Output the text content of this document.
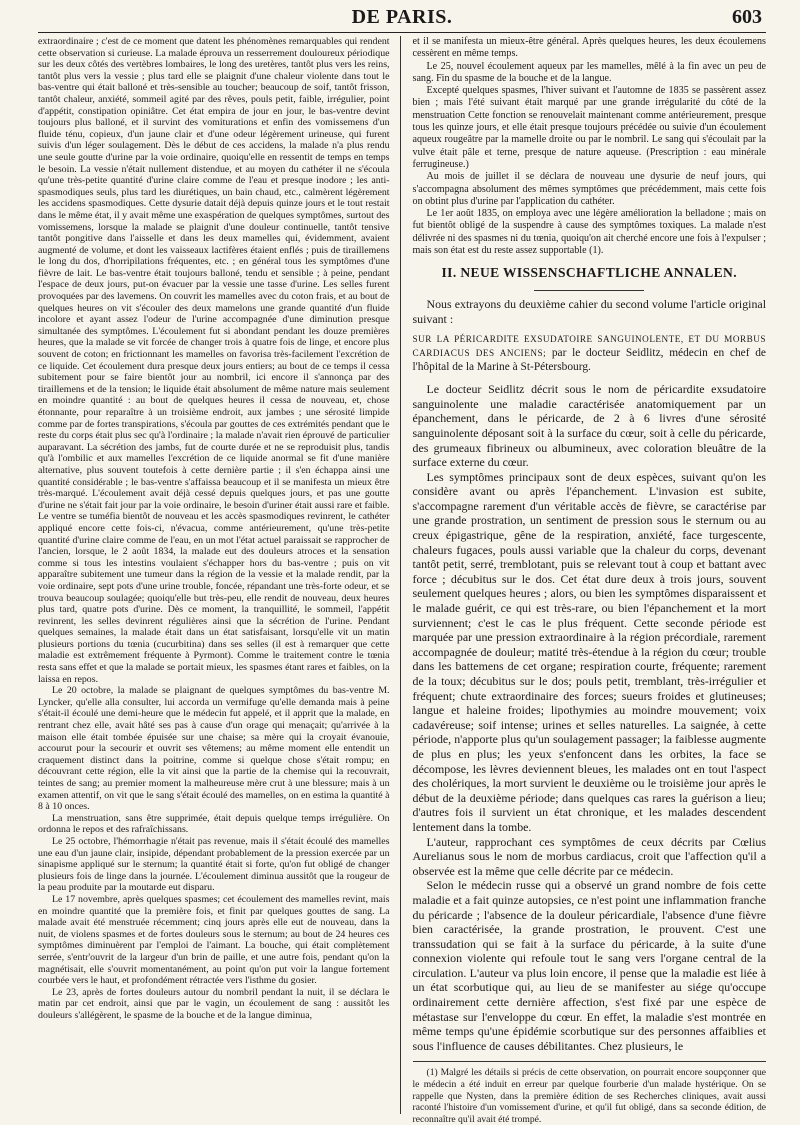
DE PARIS.	603

extraordinaire ; c'est de ce moment que datent les phénomènes remarquables qui rendent cette observation si curieuse. La malade éprouva un resserrement douloureux périodique sur les deux côtés des vertèbres lombaires, le long des uretères, tantôt plus vers les reins, tantôt plus vers la vessie ; plus tard elle se plaignit d'une chaleur violente dans tout le bas-ventre qui était balloné et très-sensible au toucher; beaucoup de soif, tantôt frisson, tantôt chaleur, anxiété, sommeil agité par des rêves, pouls petit, faible, irrégulier, point d'appétit, constipation opiniâtre. Cet état empira de jour en jour, le bas-ventre devint toujours plus balloné, et il survint des vomiturations et enfin des vomissemens d'un fluide ténu, copieux, d'un jaune clair et d'une odeur légèrement urineuse, qui furent suivis d'un léger soulagement. Dès le début de ces accidens, la malade n'a plus rendu une seule goutte d'urine par la voie ordinaire, quoiqu'elle en ressentit de temps en temps le besoin. La vessie n'était nullement distendue, et au moyen du cathéter il ne s'écoula qu'une très-petite quantité d'urine claire comme de l'eau et presque inodore ; les anti-spasmodiques seuls, plus tard les diurétiques, un bain chaud, etc., calmèrent légèrement les accidens spasmodiques. Cette dysurie datait déjà depuis quinze jours et le tout restait dans le même état, il y avait même une exaspération de quelques symptômes, surtout des vomissemens, lorsque la malade se plaignit d'une douleur continuelle, tantôt tensive tantôt pongitive dans l'aisselle et dans les deux mamelles qui, évidemment, avaient augmenté de volume, et dont les vaisseaux lactifères étaient enflés ; puis de tiraillemens le long du dos, d'horripilations fréquentes, etc. ; en général tous les symptômes d'une fièvre de lait. Le bas-ventre était toujours balloné, tendu et sensible ; à peine, pendant l'espace de deux jours, put-on évacuer par la vessie une tasse d'urine. Les selles furent provoquées par des lavemens. On couvrit les mamelles avec du coton frais, et au bout de quelques heures on vit s'écouler des deux mamelons une grande quantité d'un fluide incolore et ayant assez l'odeur de l'urine accompagnée d'une diminution presque simultanée des symptômes. L'écoulement fut si abondant pendant les douze premières heures, que la malade se vit forcée de changer trois à quatre fois de linge, et encore plus souvent de coton; en frictionnant les mamelles on favorisa très-facilement l'excrétion de ce liquide. Cet écoulement dura presque deux jours entiers; au bout de ce temps il cessa subitement pour se faire bientôt jour au nombril, ici encore il s'annonça par des tiraillemens et de la tension; le liquide était absolument de même nature mais seulement en moindre quantité : au bout de quelques heures il cessa de nouveau, et, chose étonnante, pour reparaître à un troisième endroit, aux jambes ; une sérosité limpide comme par de fortes transpirations, s'écoula par gouttes de ces extrémités pendant que le reste du corps était plus sec qu'à l'ordinaire ; la malade n'avait rien éprouvé de particulier auparavant. La sécrétion des jambs, fut de courte durée et ne se reproduisit plus, tandis qu'à l'ombilic et aux mamelles l'excrétion de ce liquide anormal se fit d'une manière alternative, plus souvent toutefois à cette dernière partie ; il s'en échappa ainsi une quantité considérable ; le bas-ventre s'affaissa beaucoup et il se manifesta un mieux être très-marqué. L'écoulement avait déjà cessé depuis quelques jours, et pas une goutte d'urine ne s'était fait jour par la voie ordinaire, le besoin d'uriner était aussi rare et faible. Le ventre se tuméfia bientôt de nouveau et les accès spasmodiques revinrent, le cathéter appliqué encore cette fois-ci, n'évacua, comme antérieurement, qu'une très-petite quantité d'urine claire comme de l'eau, en un mot l'état actuel paraissait se rapprocher de l'ancien, lorsque, le 2 août 1834, la malade eut des douleurs atroces et la sensation comme si tous les intestins voulaient s'échapper hors du bas-ventre ; puis on vit apparaître subitement une tumeur dans la région de la vessie et la malade rendit, par la voie ordinaire, sept pots d'une urine trouble, foncée, répandant une très-forte odeur, et se trouva beaucoup soulagée; quoiqu'elle but très-peu, elle rendit de nouveau, deux heures plus tard, quatre pots d'urine. Dès ce moment, la tranquillité, le sommeil, l'appétit revinrent, les selles devinrent régulières ainsi que la sécrétion de l'urine. Pendant quelques semaines, la malade était dans un état satisfaisant, lorsqu'elle vit un matin plusieurs portions du tœnia (cucurbitina) dans ses selles (il est à remarquer que cette maladie est extrêmement fréquente à Pyrmont). Comme le traitement contre le tœnia resta sans effet et que la malade se portait mieux, les spasmes étant rares et faibles, on la laissa en repos.

Le 20 octobre, la malade se plaignant de quelques symptômes du bas-ventre M. Lyncker, qu'elle alla consulter, lui accorda un vermifuge qu'elle demanda mais à peine s'était-il écoulé une demi-heure que le médecin fut appelé, et il apprit que la malade, en rentrant chez elle, avait hâté ses pas à cause d'un orage qui menaçait; qu'arrivée à la maison elle était tombée épuisée sur une chaise; sa mère qui la croyait évanouie, accourut pour la secourir et ouvrit ses vêtemens; au même moment elle entendit un craquement distinct dans la poitrine, comme si quelque chose s'était rompu; en découvrant cette région, elle la vit ainsi que la partie de la chemise qui la recouvrait, teintes de sang; au premier moment la malheureuse mère crut à une blessure; mais à un examen attentif, on vit que le sang s'était écoulé des mamelles, on en estima la quantité à 8 à 10 onces.

La menstruation, sans être supprimée, était depuis quelque temps irrégulière. On ordonna le repos et des rafraîchissans.

Le 25 octobre, l'hémorrhagie n'était pas revenue, mais il s'était écoulé des mamelles une eau d'un jaune clair, insipide, dépendant probablement de la pression exercée par un sinapisme appliqué sur le sternum; la quantité était si forte, qu'on fut obligé de changer plusieurs fois de linge dans la journée. L'écoulement diminua aussitôt que la rougeur de la peau produite par la moutarde eut disparu.

Le 17 novembre, après quelques spasmes; cet écoulement des mamelles revint, mais en moindre quantité que la première fois, et finit par quelques gouttes de sang. La malade avait été menstruée récemment; cinq jours après elle eut de nouveau, dans la nuit, de violens spasmes et de fortes douleurs sous le sternum; au bout de 24 heures ces symptômes diminuèrent par l'emploi de l'aimant. La bouche, qui était complètement serrée, s'entr'ouvrit de la largeur d'un brin de paille, et une autre fois, pendant qu'on la magnétisait, elle s'ouvrit momentanément, au point qu'on put voir la langue fortement courbée vers le haut, et profondément rétractée vers l'isthme du gosier.

Le 23, après de fortes douleurs autour du nombril pendant la nuit, il se déclara le matin par cet endroit, ainsi que par le vagin, un écoulement de sang : aussitôt les douleurs s'allégèrent, le spasme de la bouche et de la langue diminua,

et il se manifesta un mieux-être général. Après quelques heures, les deux écoulemens cessèrent en même temps.

Le 25, nouvel écoulement aqueux par les mamelles, mêlé à la fin avec un peu de sang. Fin du spasme de la bouche et de la langue.

Excepté quelques spasmes, l'hiver suivant et l'automne de 1835 se passèrent assez bien ; mais l'été suivant était marqué par une grande irrégularité du côté de la menstruation Cette fonction se renouvelait maintenant comme antérieurement, presque tous les quinze jours, et elle était presque toujours précédée ou suivie d'un écoulement aqueux rougeâtre par la mamelle droite ou par le nombril. Le sang qui s'écoulait par la vulve était pâle et terne, presque de nature aqueuse. (Prescription : eau minérale ferrugineuse.)

Au mois de juillet il se déclara de nouveau une dysurie de neuf jours, qui s'accompagna absolument des mêmes symptômes que précédemment, mais cette fois on obtint plus d'urine par l'application du cathéter.

Le 1er août 1835, on employa avec une légère amélioration la belladone ; mais on fut bientôt obligé de la suspendre à cause des symptômes toxiques. La malade n'est délivrée ni des spasmes ni du tœnia, quoiqu'on ait cherché encore une fois à l'expulser ; mais son état est du reste assez supportable (1).

II. NEUE WISSENSCHAFTLICHE ANNALEN.

Nous extrayons du deuxième cahier du second volume l'article original suivant :

SUR LA PÉRICARDITE EXSUDATOIRE SANGUINOLENTE, ET DU MORBUS CARDIACUS DES ANCIENS; par le docteur Seidlitz, médecin en chef de l'hôpital de la Marine à St-Pétersbourg.

Le docteur Seidlitz décrit sous le nom de péricardite exsudatoire sanguinolente une maladie caractérisée anatomiquement par un épanchement, dans le péricarde, de 2 à 6 livres d'une sérosité sanguinolente déposant soit à la surface du cœur, soit à celle du péricarde, des grumeaux fibrineux ou albumineux, avec coloration bleuâtre de la surface externe du cœur.

Les symptômes principaux sont de deux espèces, suivant qu'on les considère avant ou après l'épanchement. L'invasion est subite, s'accompagne rarement d'un véritable accès de fièvre, se caractérise par une grande prostration, un sentiment de pression sous le sternum ou au creux épigastrique, gêne de la respiration, anxiété, face turgescente, chaleurs fugaces, pouls aussi variable que la chaleur du corps, devenant tantôt petit, serré, tremblotant, puis se relevant tout à coup et battant avec force ; décubitus sur le dos. Cet état dure deux à trois jours, souvent seulement quelques heures ; alors, ou bien les symptômes disparaissent et le malade guérit, ce qui est très-rare, ou bien l'épanchement et la mort surviennent; c'est le cas le plus fréquent. Cette seconde période est marquée par une pression extraordinaire à la région précordiale, rarement accompagnée de douleur; matité très-étendue à la région du cœur; trouble dans les battemens de cet organe; respiration courte, fréquente; rarement de la toux; décubitus sur le dos; pouls petit, tremblant, très-irrégulier et fréquent; chute extraordinaire des forces; sueurs froides et glutineuses; langue et haleine froides; lipothymies au moindre mouvement; voix cadavéreuse; soif intense; urines et selles naturelles. La saignée, à cette période, n'apporte plus qu'un soulagement passager; la faiblesse augmente de plus en plus; les yeux s'enfoncent dans les orbites, la face se décompose, les lèvres deviennent bleues, les malades ont en tout l'aspect des cholériques, la mort survient le deuxième ou le troisième jour après le début de la deuxième période; dans quelques cas rares la guérison a lieu; d'autres fois il survient un état chronique, et les malades descendent lentement dans la tombe.

L'auteur, rapprochant ces symptômes de ceux décrits par Cœlius Aurelianus sous le nom de morbus cardiacus, croit que l'affection qu'il a observée est la même que celle décrite par ce médecin.

Selon le médecin russe qui a observé un grand nombre de fois cette maladie et a fait quinze autopsies, ce n'est point une inflammation franche du péricarde ; l'absence de la douleur péricardiale, l'absence d'une fièvre bien caractérisée, la grande prostration, le prouvent. C'est une transsudation qui se fait à la surface du péricarde, à la suite d'une connexion violente qui refoule tout le sang vers l'organe central de la circulation. L'auteur va plus loin encore, il pense que la maladie est liée à un état scorbutique qui, au lieu de se manifester au siége qu'occupe ordinairement cette dernière affection, s'est fixé par une espèce de métastase sur l'enveloppe du cœur. En effet, la maladie s'est montrée en même temps qu'une épidémie scorbutique sur des personnes affaiblies et sous l'influence de causes débilitantes. Chez plusieurs, le

(1) Malgré les détails si précis de cette observation, on pourrait encore soupçonner que le médecin a été induit en erreur par quelque fourberie d'un malade hystérique. On se rappelle que Nysten, dans la première édition de ses Recherches cliniques, avait aussi raconté l'histoire d'un vomissement d'urine, et qu'il fut obligé, dans sa seconde édition, de reconnaître qu'il avait été trompé.
